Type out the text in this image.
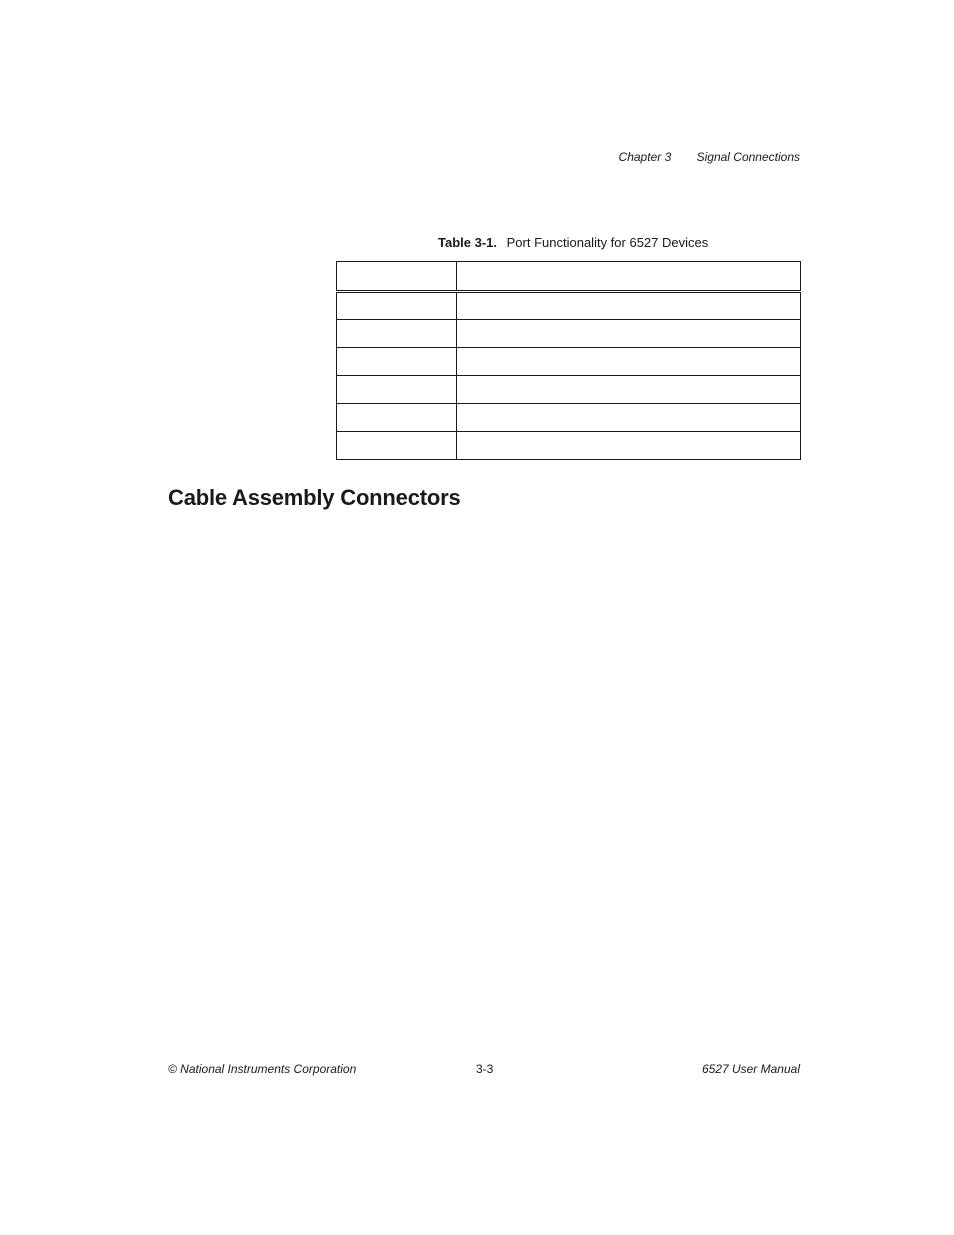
Chapter 3 Signal Connections
Table 3-1. Port Functionality for 6527 Devices

Cable Assembly Connectors
© National Instruments Corporation	3-3	6527 User Manual
